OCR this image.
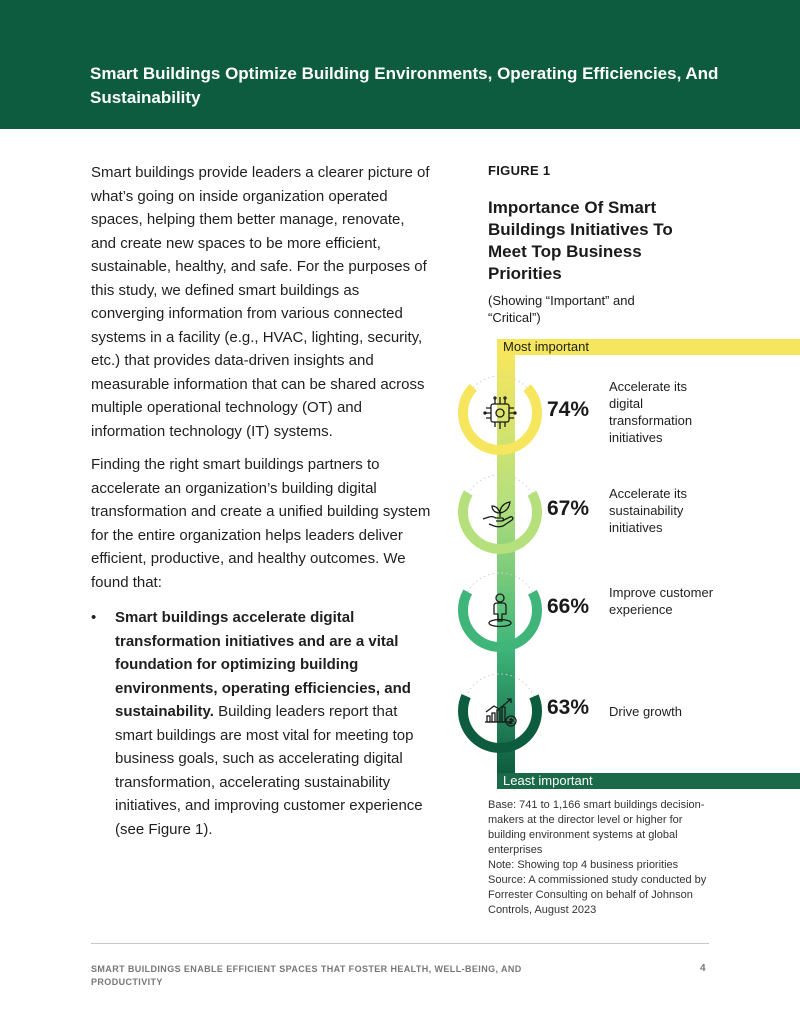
Smart Buildings Optimize Building Environments, Operating Efficiencies, And Sustainability

Smart buildings provide leaders a clearer picture of what’s going on inside organization operated spaces, helping them better manage, renovate, and create new spaces to be more efficient, sustainable, healthy, and safe. For the purposes of this study, we defined smart buildings as converging information from various connected systems in a facility (e.g., HVAC, lighting, security, etc.) that provides data-driven insights and measurable information that can be shared across multiple operational technology (OT) and information technology (IT) systems.

Finding the right smart buildings partners to accelerate an organization’s building digital transformation and create a unified building system for the entire organization helps leaders deliver efficient, productive, and healthy outcomes. We found that:

• Smart buildings accelerate digital transformation initiatives and are a vital foundation for optimizing building environments, operating efficiencies, and sustainability. Building leaders report that smart buildings are most vital for meeting top business goals, such as accelerating digital transformation, accelerating sustainability initiatives, and improving customer experience (see Figure 1).
FIGURE 1
Importance Of Smart Buildings Initiatives To Meet Top Business Priorities
(Showing “Important” and “Critical”)
Most important
74%
Accelerate its digital transformation initiatives
67%
Accelerate its sustainability initiatives
66%
Improve customer experience
63%	Drive growth
Least important
Base: 741 to 1,166 smart buildings decision-makers at the director level or higher for building environment systems at global enterprises
Note: Showing top 4 business priorities
Source: A commissioned study conducted by Forrester Consulting on behalf of Johnson Controls, August 2023
SMART BUILDINGS ENABLE EFFICIENT SPACES THAT FOSTER HEALTH, WELL-BEING, AND PRODUCTIVITY
4
